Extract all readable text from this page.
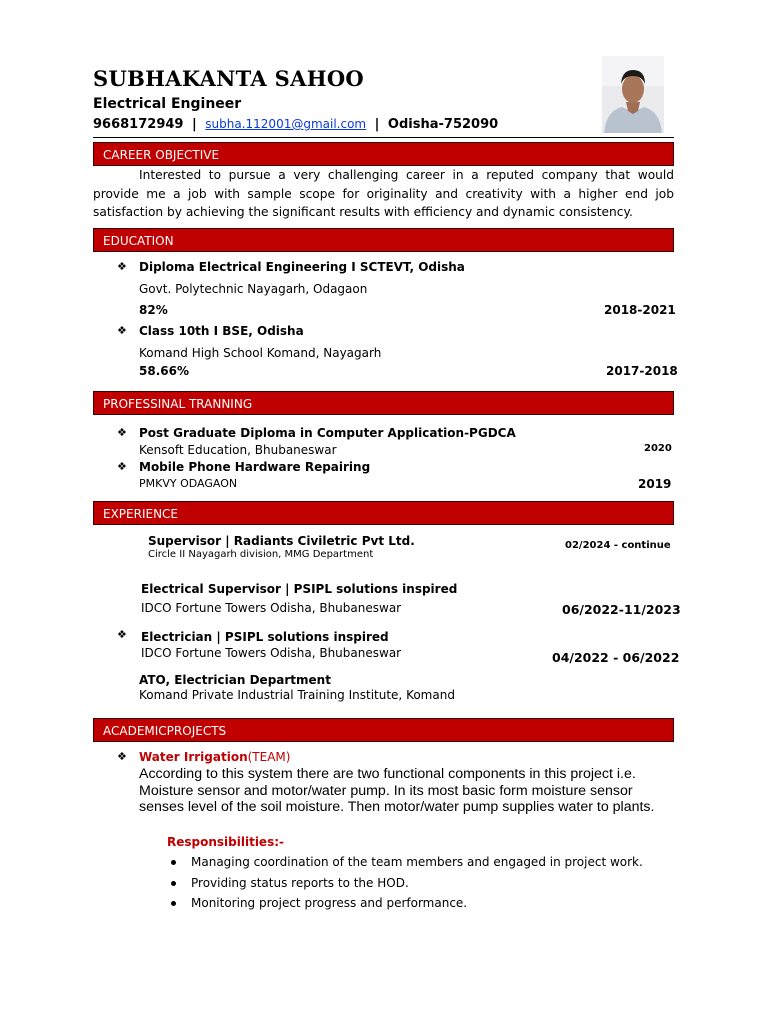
SUBHAKANTA SAHOO
Electrical Engineer
9668172949 | subha.112001@gmail.com | Odisha-752090
CAREER OBJECTIVE

Interested to pursue a very challenging career in a reputed company that would provide me a job with sample scope for originality and creativity with a higher end job satisfaction by achieving the significant results with efficiency and dynamic consistency.

EDUCATION
❖ Diploma Electrical Engineering I SCTEVT, Odisha
Govt. Polytechnic Nayagarh, Odagaon
82%	2018-2021
❖ Class 10th I BSE, Odisha
Komand High School Komand, Nayagarh
58.66%	2017-2018
PROFESSINAL TRANNING
❖ Post Graduate Diploma in Computer Application-PGDCA
Kensoft Education, Bhubaneswar	2020
❖ Mobile Phone Hardware Repairing
PMKVY ODAGAON	2019
EXPERIENCE
Supervisor | Radiants Civiletric Pvt Ltd.
Circle II Nayagarh division, MMG Department
02/2024 - continue
Electrical Supervisor | PSIPL solutions inspired
IDCO Fortune Towers Odisha, Bhubaneswar	06/2022-11/2023
❖ Electrician | PSIPL solutions inspired
IDCO Fortune Towers Odisha, Bhubaneswar	04/2022 - 06/2022
ATO, Electrician Department
Komand Private Industrial Training Institute, Komand
ACADEMICPROJECTS
❖ Water Irrigation(TEAM)

According to this system there are two functional components in this project i.e. Moisture sensor and motor/water pump. In its most basic form moisture sensor senses level of the soil moisture. Then motor/water pump supplies water to plants.

Responsibilities:-
Managing coordination of the team members and engaged in project work.
Providing status reports to the HOD.
Monitoring project progress and performance.
